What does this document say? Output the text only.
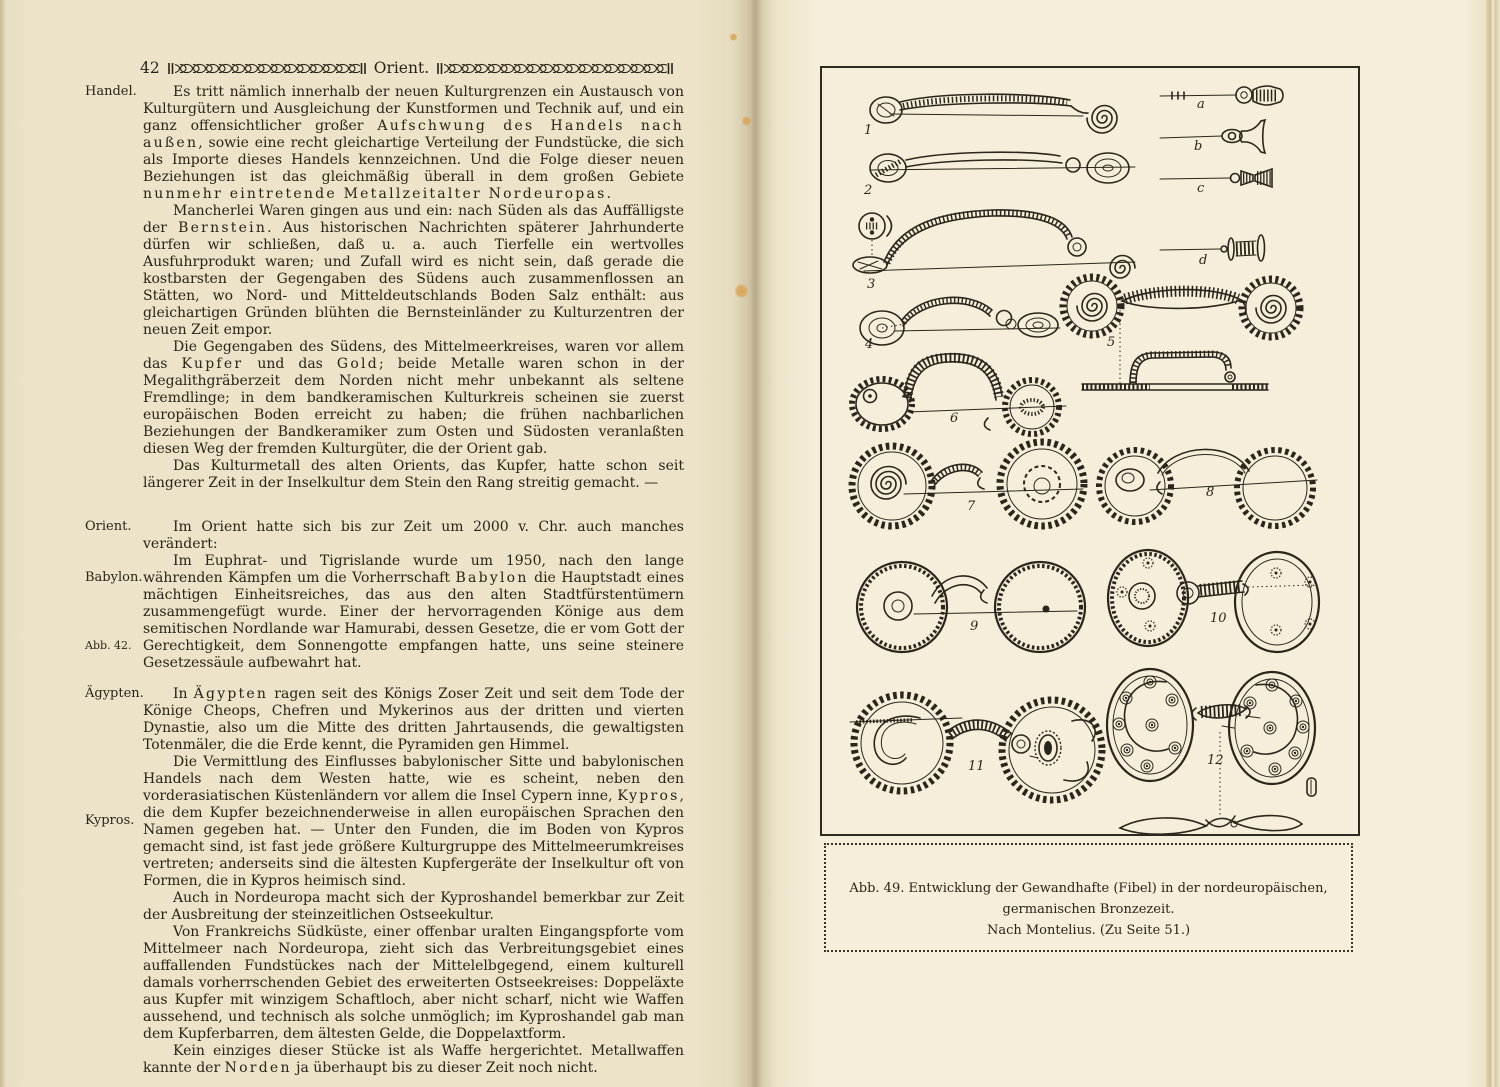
42	Orient.

Handel.	Es tritt nämlich innerhalb der neuen Kulturgrenzen ein Austausch von Kulturgütern und Ausgleichung der Kunstformen und Technik auf, und ein ganz offensichtlicher großer Aufschwung des Handels nach außen, sowie eine recht gleichartige Verteilung der Fundstücke, die sich als Importe dieses Handels kennzeichnen. Und die Folge dieser neuen Beziehungen ist das gleichmäßig überall in dem großen Gebiete nunmehr eintretende Metallzeitalter Nordeuropas.

Mancherlei Waren gingen aus und ein: nach Süden als das Auffälligste der Bernstein. Aus historischen Nachrichten späterer Jahrhunderte dürfen wir schließen, daß u. a. auch Tierfelle ein wertvolles Ausfuhrprodukt waren; und Zufall wird es nicht sein, daß gerade die kostbarsten der Gegengaben des Südens auch zusammenflossen an Stätten, wo Nord- und Mitteldeutschlands Boden Salz enthält: aus gleichartigen Gründen blühten die Bernsteinländer zu Kulturzentren der neuen Zeit empor.

Die Gegengaben des Südens, des Mittelmeerkreises, waren vor allem das Kupfer und das Gold; beide Metalle waren schon in der Megalithgräberzeit dem Norden nicht mehr unbekannt als seltene Fremdlinge; in dem bandkeramischen Kulturkreis scheinen sie zuerst europäischen Boden erreicht zu haben; die frühen nachbarlichen Beziehungen der Bandkeramiker zum Osten und Südosten veranlaßten diesen Weg der fremden Kulturgüter, die der Orient gab.

Das Kulturmetall des alten Orients, das Kupfer, hatte schon seit längerer Zeit in der Inselkultur dem Stein den Rang streitig gemacht. —

Orient.	Im Orient hatte sich bis zur Zeit um 2000 v. Chr. auch manches verändert:

Babylon.
Abb. 42.
Im Euphrat- und Tigrislande wurde um 1950, nach den lange währenden Kämpfen um die Vorherrschaft Babylon die Hauptstadt eines mächtigen Einheitsreiches, das aus den alten Stadtfürstentümern zusammengefügt wurde. Einer der hervorragenden Könige aus dem semitischen Nordlande war Hamurabi, dessen Gesetze, die er vom Gott der Gerechtigkeit, dem Sonnengotte empfangen hatte, uns seine steinere Gesetzessäule aufbewahrt hat.

Ägypten. In Ägypten ragen seit des Königs Zoser Zeit und seit dem Tode der Könige Cheops, Chefren und Mykerinos aus der dritten und vierten Dynastie, also um die Mitte des dritten Jahrtausends, die gewaltigsten Totenmäler, die die Erde kennt, die Pyramiden gen Himmel.

Kypros.
Die Vermittlung des Einflusses babylonischer Sitte und babylonischen Handels nach dem Westen hatte, wie es scheint, neben den vorderasiatischen Küstenländern vor allem die Insel Cypern inne, Kypros, die dem Kupfer bezeichnenderweise in allen europäischen Sprachen den Namen gegeben hat. — Unter den Funden, die im Boden von Kypros gemacht sind, ist fast jede größere Kulturgruppe des Mittelmeerumkreises vertreten; anderseits sind die ältesten Kupfergeräte der Inselkultur oft von Formen, die in Kypros heimisch sind.

Auch in Nordeuropa macht sich der Kyproshandel bemerkbar zur Zeit der Ausbreitung der steinzeitlichen Ostseekultur.

Von Frankreichs Südküste, einer offenbar uralten Eingangspforte vom Mittelmeer nach Nordeuropa, zieht sich das Verbreitungsgebiet eines auffallenden Fundstückes nach der Mittelelbgegend, einem kulturell damals vorherrschenden Gebiet des erweiterten Ostseekreises: Doppeläxte aus Kupfer mit winzigem Schaftloch, aber nicht scharf, nicht wie Waffen aussehend, und technisch als solche unmöglich; im Kyproshandel gab man dem Kupferbarren, dem ältesten Gelde, die Doppelaxtform.

Kein einziges dieser Stücke ist als Waffe hergerichtet. Metallwaffen kannte der Norden ja überhaupt bis zu dieser Zeit noch nicht.

1
2
3
4	5
6
7
8
9
10
11	12
a
b
c
d
Abb. 49. Entwicklung der Gewandhafte (Fibel) in der nordeuropäischen, germanischen Bronzezeit.
Nach Montelius. (Zu Seite 51.)
